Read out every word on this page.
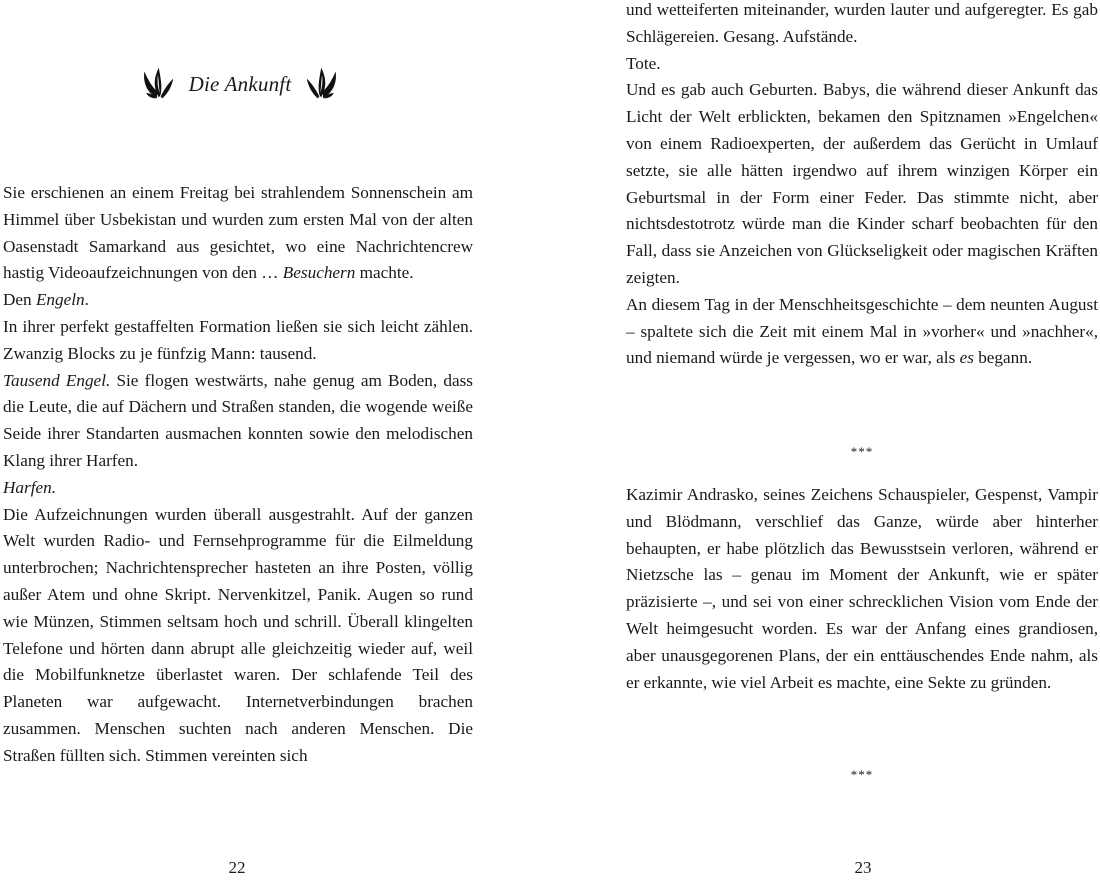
Die Ankunft

Sie erschienen an einem Freitag bei strahlendem Sonnenschein am Himmel über Usbekistan und wurden zum ersten Mal von der alten Oasenstadt Samarkand aus gesichtet, wo eine Nachrichtencrew hastig Videoaufzeichnungen von den … Besuchern machte.

Den Engeln.

In ihrer perfekt gestaffelten Formation ließen sie sich leicht zählen. Zwanzig Blocks zu je fünfzig Mann: tausend.

Tausend Engel. Sie flogen westwärts, nahe genug am Boden, dass die Leute, die auf Dächern und Straßen standen, die wogende weiße Seide ihrer Standarten ausmachen konnten sowie den melodischen Klang ihrer Harfen.

Harfen.

Die Aufzeichnungen wurden überall ausgestrahlt. Auf der ganzen Welt wurden Radio- und Fernsehprogramme für die Eilmeldung unterbrochen; Nachrichtensprecher hasteten an ihre Posten, völlig außer Atem und ohne Skript. Nervenkitzel, Panik. Augen so rund wie Münzen, Stimmen seltsam hoch und schrill. Überall klingelten Telefone und hörten dann abrupt alle gleichzeitig wieder auf, weil die Mobilfunknetze überlastet waren. Der schlafende Teil des Planeten war aufgewacht. Internetverbindungen brachen zusammen. Menschen suchten nach anderen Menschen. Die Straßen füllten sich. Stimmen vereinten sich

22

und wetteiferten miteinander, wurden lauter und aufgeregter. Es gab Schlägereien. Gesang. Aufstände.

Tote.

Und es gab auch Geburten. Babys, die während dieser Ankunft das Licht der Welt erblickten, bekamen den Spitznamen »Engelchen« von einem Radioexperten, der außerdem das Gerücht in Umlauf setzte, sie alle hätten irgendwo auf ihrem winzigen Körper ein Geburtsmal in der Form einer Feder. Das stimmte nicht, aber nichtsdestotrotz würde man die Kinder scharf beobachten für den Fall, dass sie Anzeichen von Glückseligkeit oder magischen Kräften zeigten.

An diesem Tag in der Menschheitsgeschichte – dem neunten August – spaltete sich die Zeit mit einem Mal in »vorher« und »nachher«, und niemand würde je vergessen, wo er war, als es begann.

***

Kazimir Andrasko, seines Zeichens Schauspieler, Gespenst, Vampir und Blödmann, verschlief das Ganze, würde aber hinterher behaupten, er habe plötzlich das Bewusstsein verloren, während er Nietzsche las – genau im Moment der Ankunft, wie er später präzisierte –, und sei von einer schrecklichen Vision vom Ende der Welt heimgesucht worden. Es war der Anfang eines grandiosen, aber unausgegorenen Plans, der ein enttäuschendes Ende nahm, als er erkannte, wie viel Arbeit es machte, eine Sekte zu gründen.

***
23
